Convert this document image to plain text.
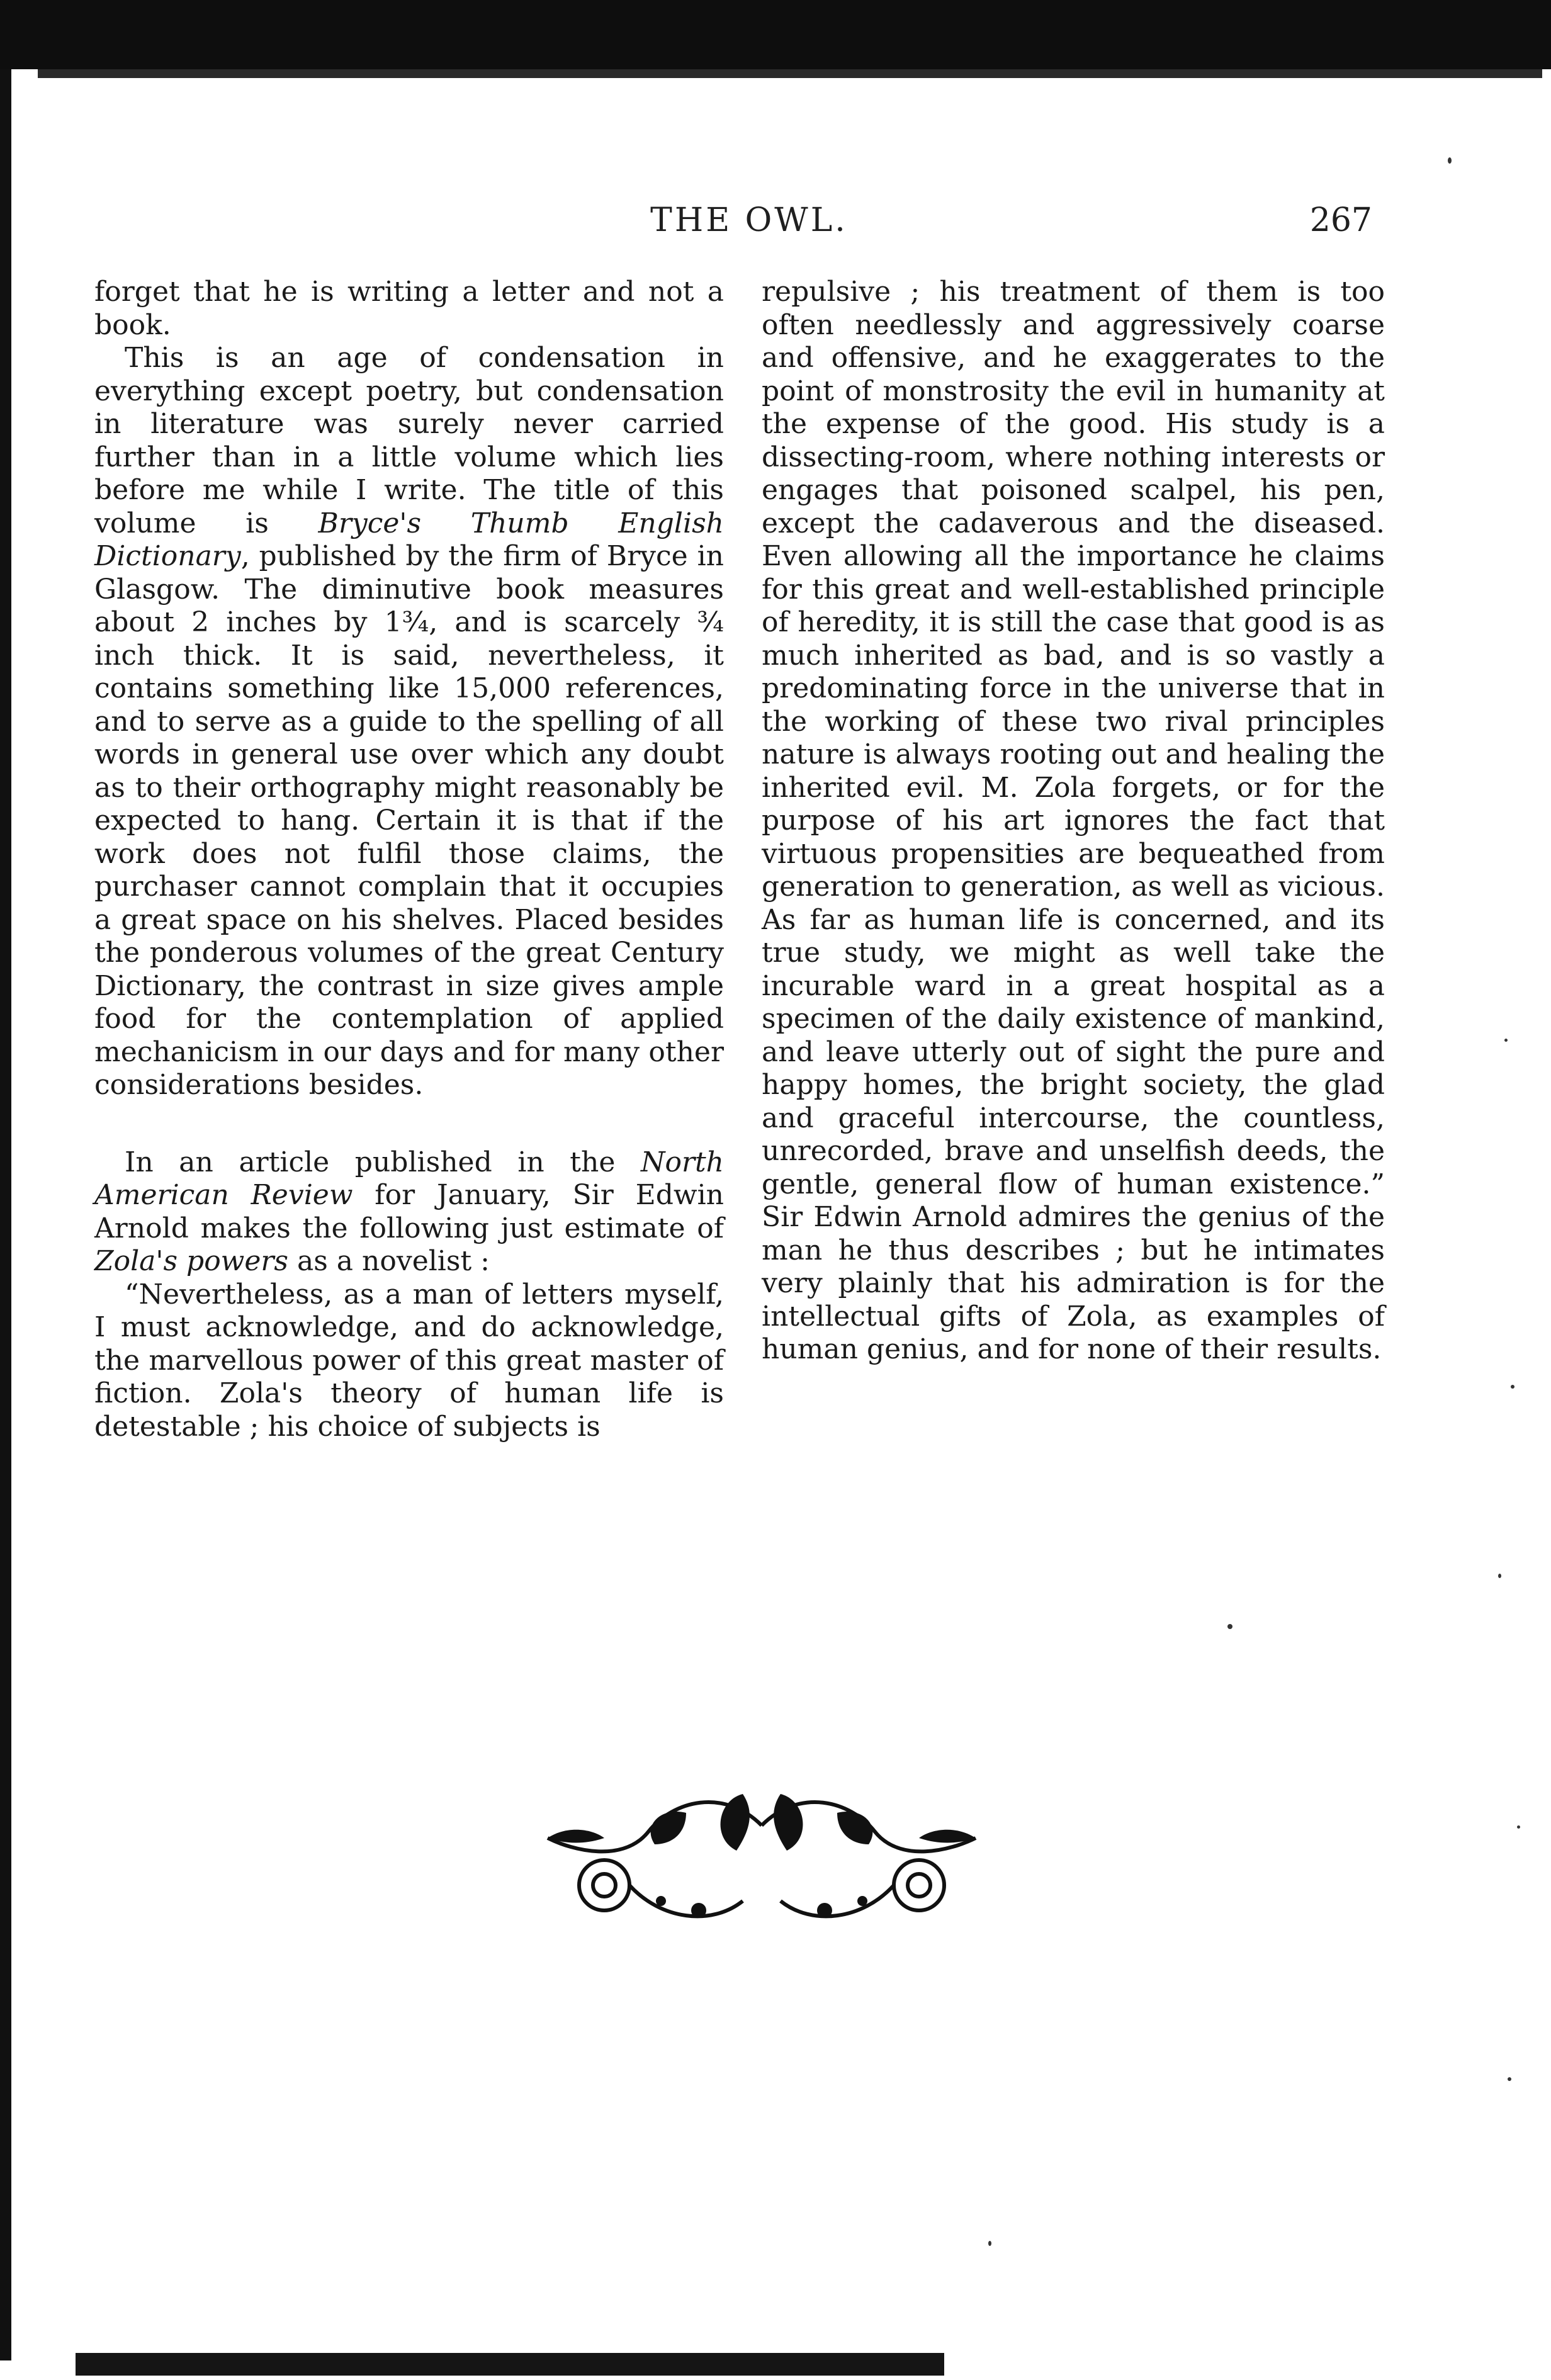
THE OWL.	267

forget that he is writing a letter and not a book.

This is an age of condensation in everything except poetry, but condensation in literature was surely never carried further than in a little volume which lies before me while I write. The title of this volume is Bryce's Thumb English Dictionary, published by the firm of Bryce in Glasgow. The diminutive book measures about 2 inches by 1¾, and is scarcely ¾ inch thick. It is said, nevertheless, it contains something like 15,000 references, and to serve as a guide to the spelling of all words in general use over which any doubt as to their orthography might reasonably be expected to hang. Certain it is that if the work does not fulfil those claims, the purchaser cannot complain that it occupies a great space on his shelves. Placed besides the ponderous volumes of the great Century Dictionary, the contrast in size gives ample food for the contemplation of applied mechanicism in our days and for many other considerations besides.

In an article published in the North American Review for January, Sir Edwin Arnold makes the following just estimate of Zola's powers as a novelist :

“Nevertheless, as a man of letters myself, I must acknowledge, and do acknowledge, the marvellous power of this great master of fiction. Zola's theory of human life is detestable ; his choice of subjects is

repulsive ; his treatment of them is too often needlessly and aggressively coarse and offensive, and he exaggerates to the point of monstrosity the evil in humanity at the expense of the good. His study is a dissecting-room, where nothing interests or engages that poisoned scalpel, his pen, except the cadaverous and the diseased. Even allowing all the importance he claims for this great and well-established principle of heredity, it is still the case that good is as much inherited as bad, and is so vastly a predominating force in the universe that in the working of these two rival principles nature is always rooting out and healing the inherited evil. M. Zola forgets, or for the purpose of his art ignores the fact that virtuous propensities are bequeathed from generation to generation, as well as vicious. As far as human life is concerned, and its true study, we might as well take the incurable ward in a great hospital as a specimen of the daily existence of mankind, and leave utterly out of sight the pure and happy homes, the bright society, the glad and graceful intercourse, the countless, unrecorded, brave and unselfish deeds, the gentle, general flow of human existence.” Sir Edwin Arnold admires the genius of the man he thus describes ; but he intimates very plainly that his admiration is for the intellectual gifts of Zola, as examples of human genius, and for none of their results.
